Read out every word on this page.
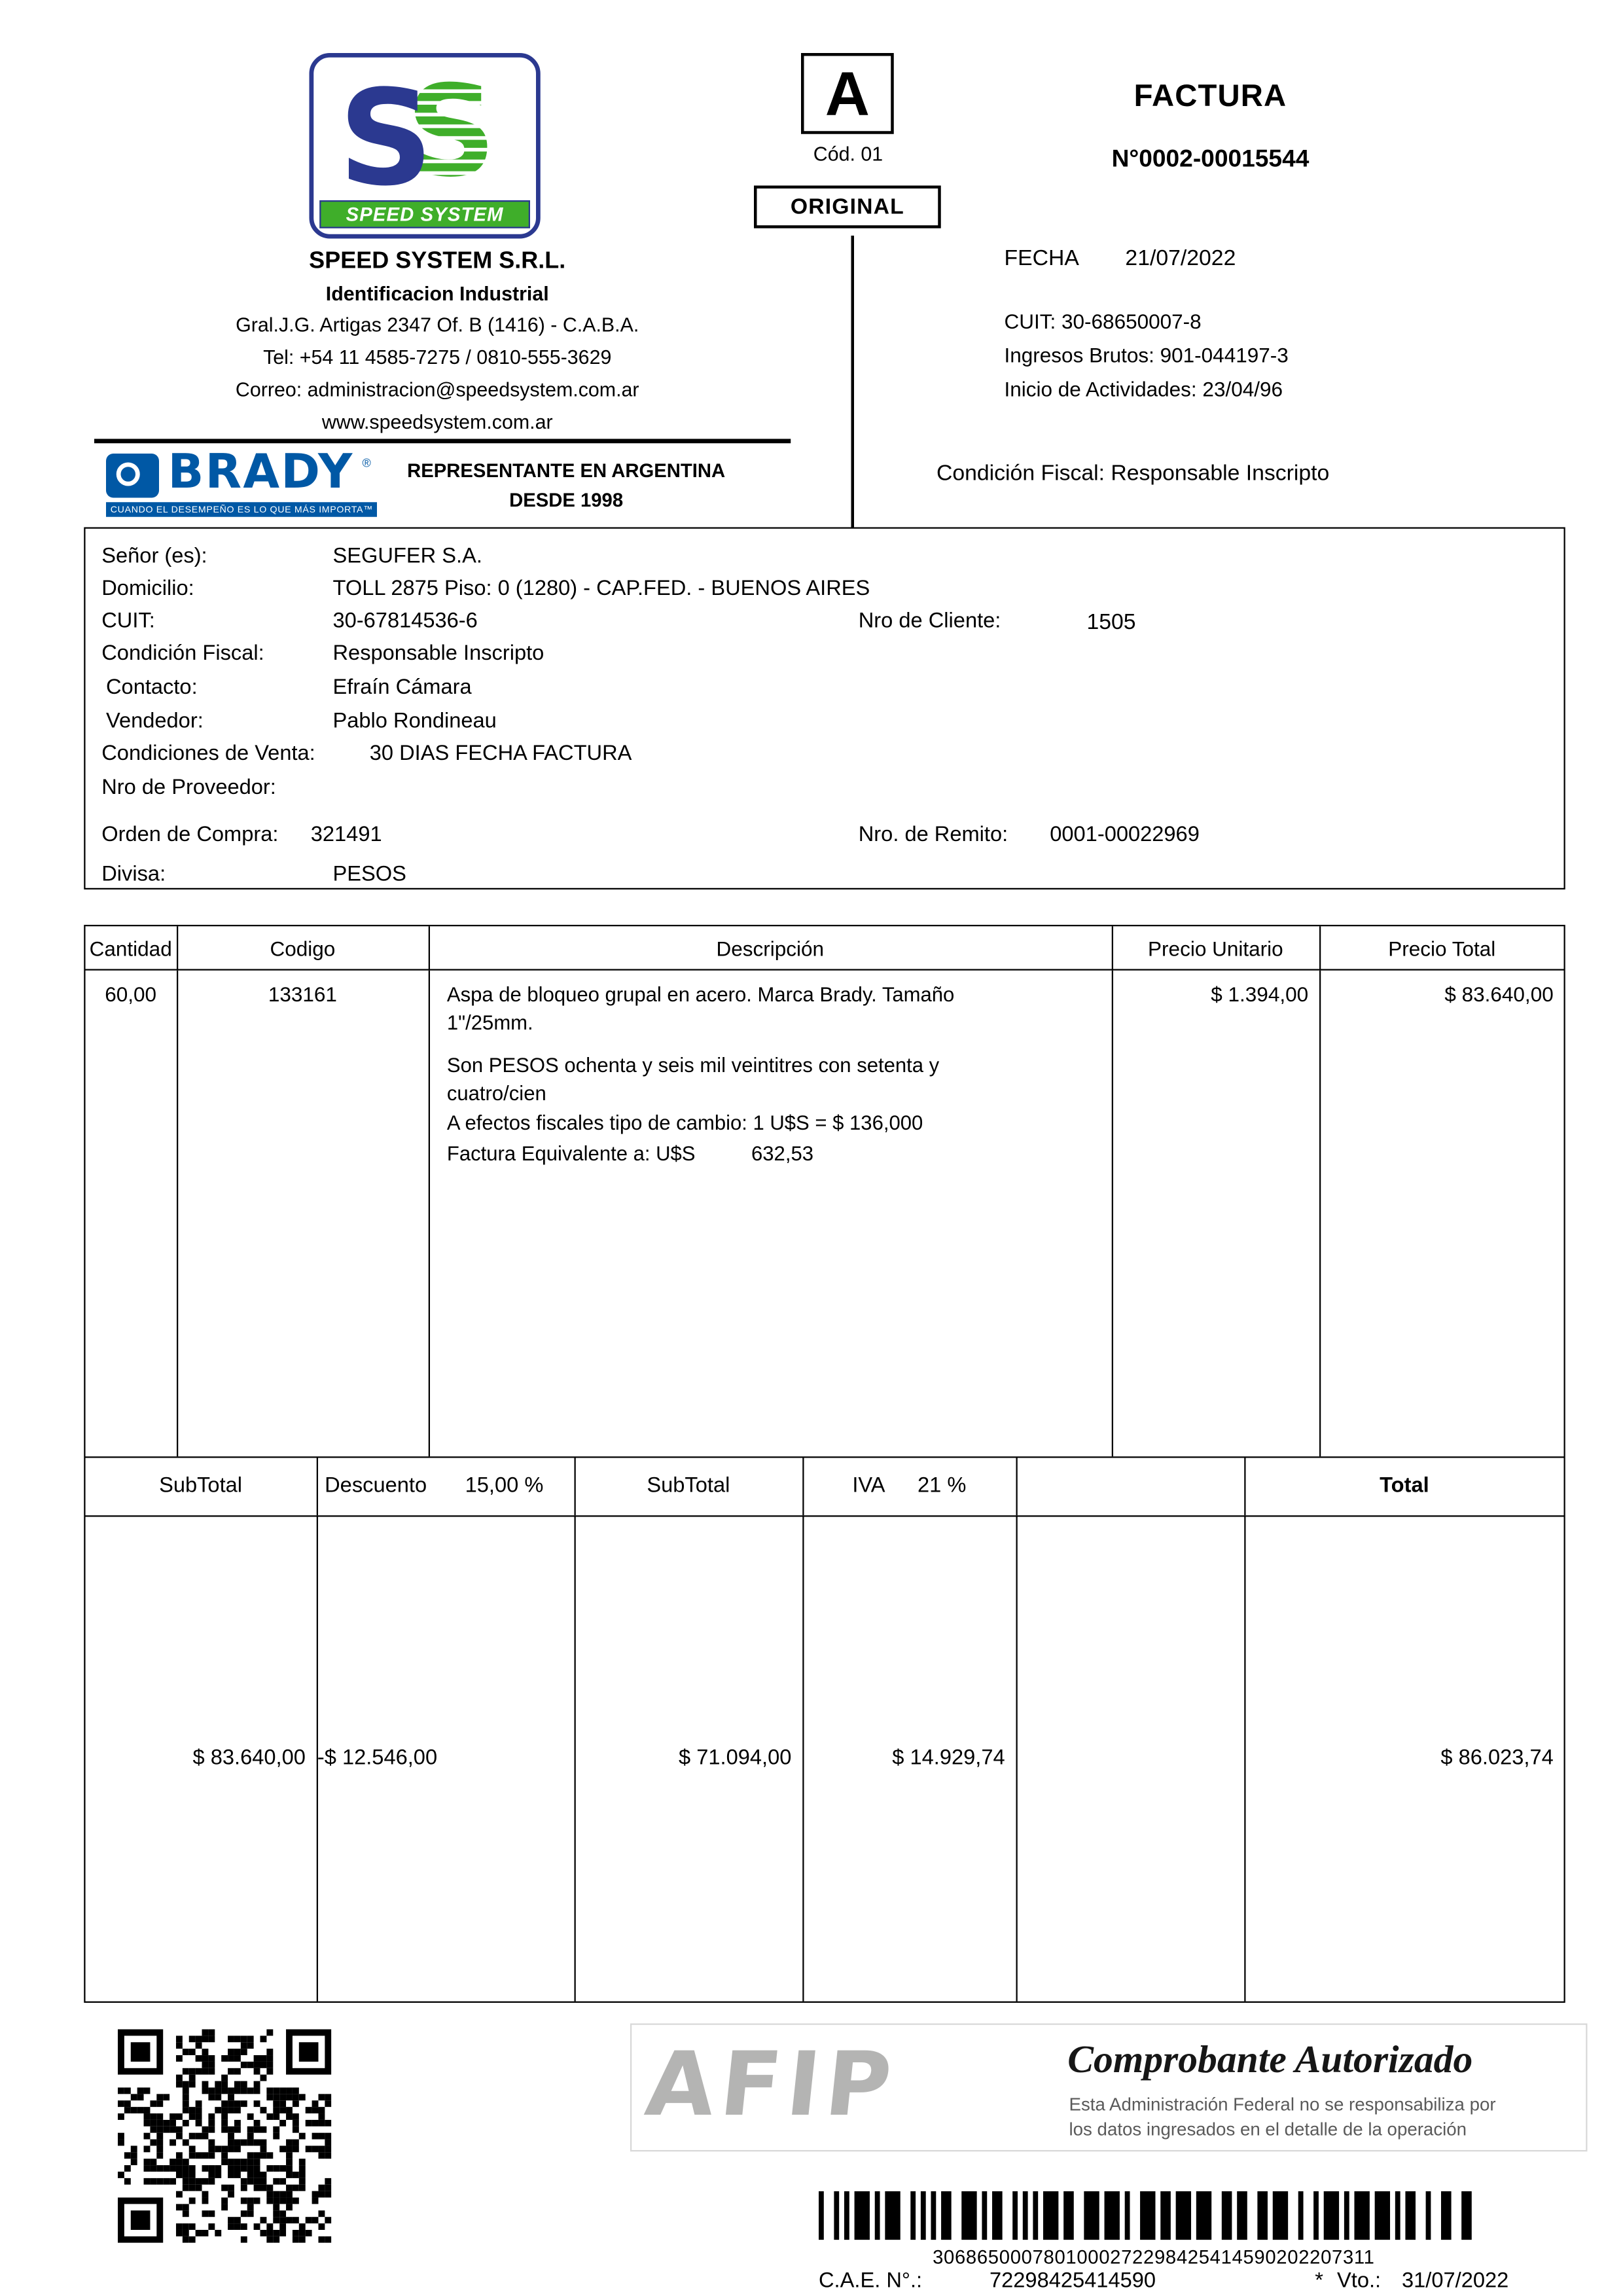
S
S
SPEED SYSTEM
SPEED SYSTEM S.R.L.
Identificacion Industrial
Gral.J.G. Artigas 2347 Of. B (1416) - C.A.B.A.
Tel: +54 11 4585-7275 / 0810-555-3629
Correo: administracion@speedsystem.com.ar
www.speedsystem.com.ar
BRADY ®
CUANDO EL DESEMPEÑO ES LO QUE MÁS IMPORTA™
REPRESENTANTE EN ARGENTINA
DESDE 1998
A
Cód. 01
ORIGINAL
FACTURA
N°0002-00015544
FECHA	21/07/2022
CUIT: 30-68650007-8
Ingresos Brutos: 901-044197-3
Inicio de Actividades: 23/04/96
Condición Fiscal: Responsable Inscripto
Señor (es):	SEGUFER S.A.
Domicilio:	TOLL 2875 Piso: 0 (1280) - CAP.FED. - BUENOS AIRES
CUIT:	30-67814536-6	Nro de Cliente:	1505
Condición Fiscal:	Responsable Inscripto
Contacto:	Efraín Cámara
Vendedor:	Pablo Rondineau
Condiciones de Venta:	30 DIAS FECHA FACTURA
Nro de Proveedor:
Orden de Compra:	321491	Nro. de Remito:	0001-00022969
Divisa:	PESOS
Cantidad	Codigo	Descripción	Precio Unitario	Precio Total
60,00	133161	Aspa de bloqueo grupal en acero. Marca Brady. Tamaño
1"/25mm.
Son PESOS ochenta y seis mil veintitres con setenta y
cuatro/cien
A efectos fiscales tipo de cambio: 1 U$S = $ 136,000
Factura Equivalente a: U$S	632,53
$ 1.394,00	$ 83.640,00
SubTotal	Descuento	15,00 %	SubTotal	IVA	21 %	Total
$ 83.640,00	-$ 12.546,00	$ 71.094,00	$ 14.929,74	$ 86.023,74
AFIP	Comprobante Autorizado
Esta Administración Federal no se responsabiliza por
los datos ingresados en el detalle de la operación
3068650007801000272298425414590202207311
C.A.E. N°.:	72298425414590	* Vto.: 31/07/2022
